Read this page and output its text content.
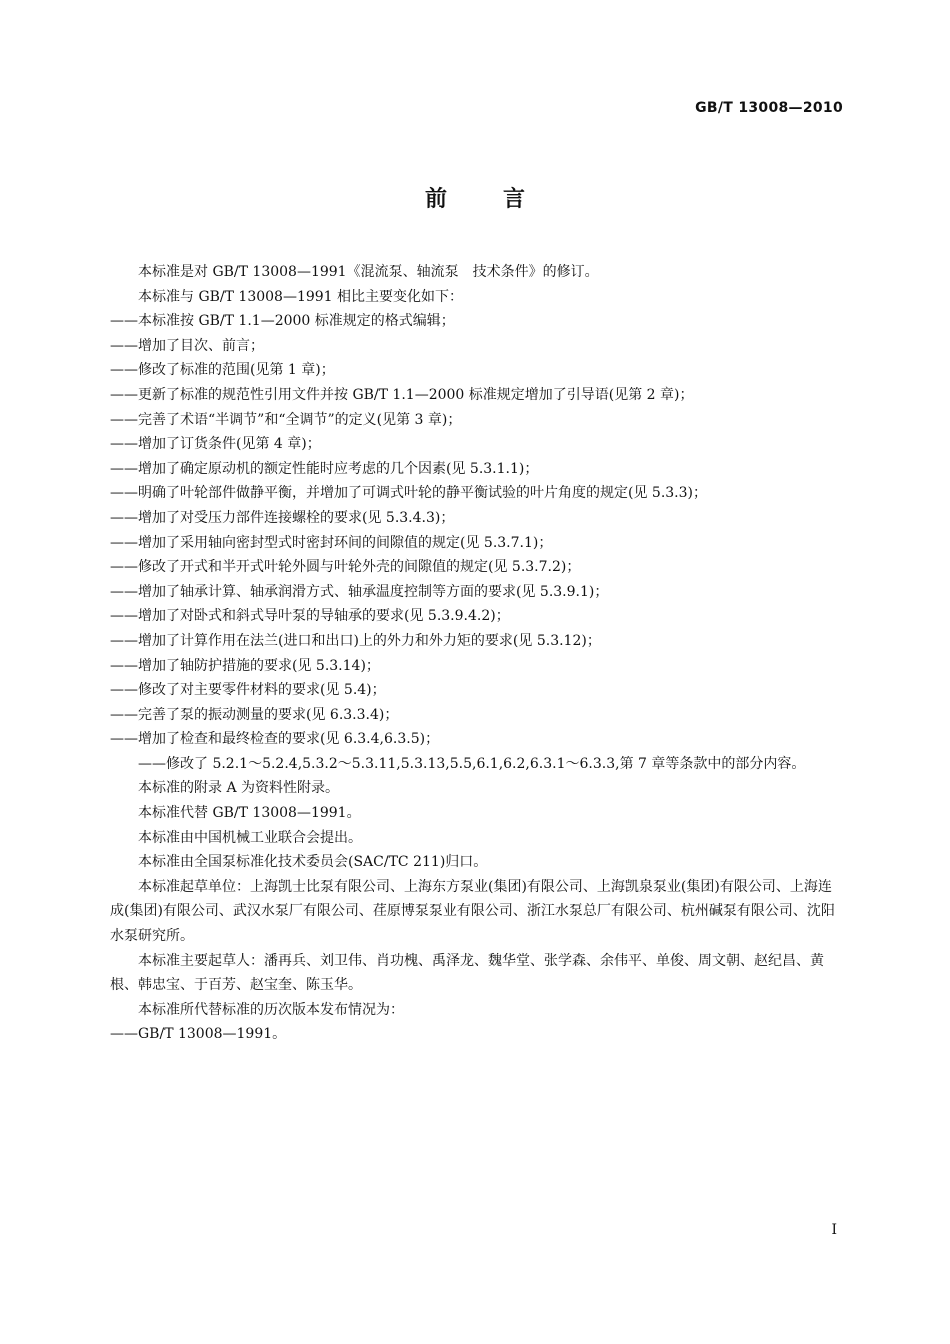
GB/T 13008—2010
前	言

本标准是对 GB/T 13008—1991《混流泵、轴流泵　技术条件》的修订。

本标准与 GB/T 13008—1991 相比主要变化如下：

——本标准按 GB/T 1.1—2000 标准规定的格式编辑；

——增加了目次、前言；

——修改了标准的范围(见第 1 章)；

——更新了标准的规范性引用文件并按 GB/T 1.1—2000 标准规定增加了引导语(见第 2 章)；

——完善了术语“半调节”和“全调节”的定义(见第 3 章)；

——增加了订货条件(见第 4 章)；

——增加了确定原动机的额定性能时应考虑的几个因素(见 5.3.1.1)；

——明确了叶轮部件做静平衡，并增加了可调式叶轮的静平衡试验的叶片角度的规定(见 5.3.3)；

——增加了对受压力部件连接螺栓的要求(见 5.3.4.3)；

——增加了采用轴向密封型式时密封环间的间隙值的规定(见 5.3.7.1)；

——修改了开式和半开式叶轮外圆与叶轮外壳的间隙值的规定(见 5.3.7.2)；

——增加了轴承计算、轴承润滑方式、轴承温度控制等方面的要求(见 5.3.9.1)；

——增加了对卧式和斜式导叶泵的导轴承的要求(见 5.3.9.4.2)；

——增加了计算作用在法兰(进口和出口)上的外力和外力矩的要求(见 5.3.12)；

——增加了轴防护措施的要求(见 5.3.14)；

——修改了对主要零件材料的要求(见 5.4)；

——完善了泵的振动测量的要求(见 6.3.3.4)；

——增加了检查和最终检查的要求(见 6.3.4,6.3.5)；

——修改了 5.2.1～5.2.4,5.3.2～5.3.11,5.3.13,5.5,6.1,6.2,6.3.1～6.3.3,第 7 章等条款中的部分内容。

本标准的附录 A 为资料性附录。

本标准代替 GB/T 13008—1991。

本标准由中国机械工业联合会提出。

本标准由全国泵标准化技术委员会(SAC/TC 211)归口。

本标准起草单位：上海凯士比泵有限公司、上海东方泵业(集团)有限公司、上海凯泉泵业(集团)有限公司、上海连成(集团)有限公司、武汉水泵厂有限公司、荏原博泵泵业有限公司、浙江水泵总厂有限公司、杭州碱泵有限公司、沈阳水泵研究所。

本标准主要起草人：潘再兵、刘卫伟、肖功槐、禹泽龙、魏华堂、张学森、余伟平、单俊、周文朝、赵纪昌、黄根、韩忠宝、于百芳、赵宝奎、陈玉华。

本标准所代替标准的历次版本发布情况为：

——GB/T 13008—1991。

I
